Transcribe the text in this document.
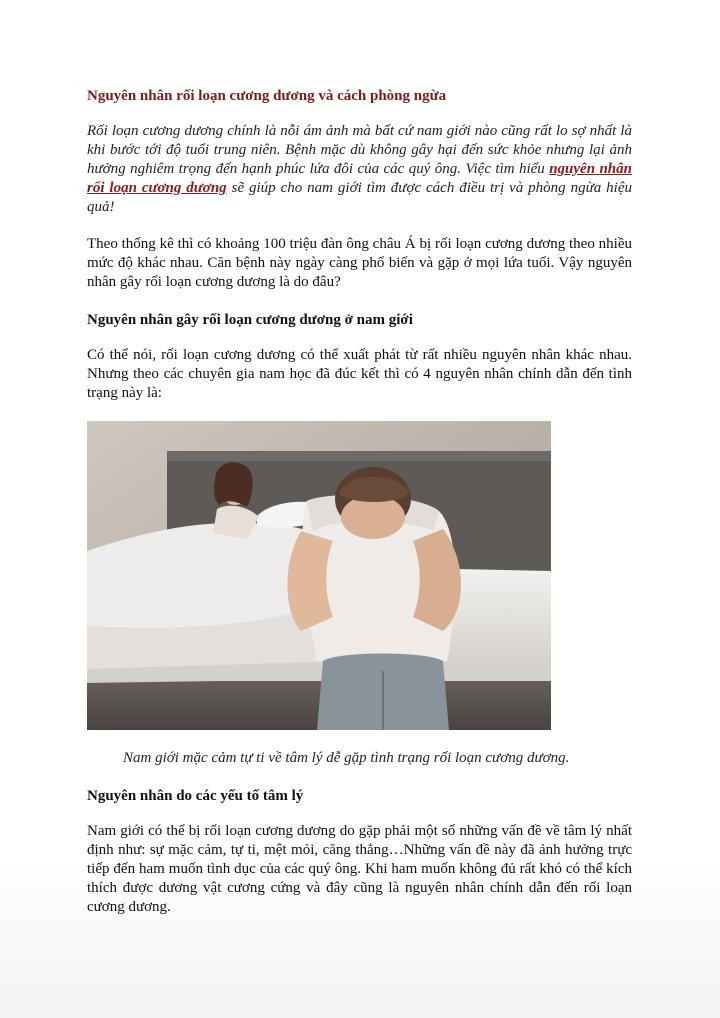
Nguyên nhân rối loạn cương dương và cách phòng ngừa

Rối loạn cương dương chính là nỗi ám ảnh mà bất cứ nam giới nào cũng rất lo sợ nhất là khi bước tới độ tuổi trung niên. Bệnh mặc dù không gây hại đến sức khỏe nhưng lại ảnh hưởng nghiêm trọng đến hạnh phúc lứa đôi của các quý ông. Việc tìm hiểu nguyên nhân rối loạn cương dương sẽ giúp cho nam giới tìm được cách điều trị và phòng ngừa hiệu quả!

Theo thống kê thì có khoảng 100 triệu đàn ông châu Á bị rối loạn cương dương theo nhiều mức độ khác nhau. Căn bệnh này ngày càng phổ biến và gặp ở mọi lứa tuổi. Vậy nguyên nhân gây rối loạn cương dương là do đâu?

Nguyên nhân gây rối loạn cương dương ở nam giới

Có thể nói, rối loạn cương dương có thể xuất phát từ rất nhiều nguyên nhân khác nhau. Nhưng theo các chuyên gia nam học đã đúc kết thì có 4 nguyên nhân chính dẫn đến tình trạng này là:

Nam giới mặc cảm tự ti về tâm lý dễ gặp tình trạng rối loạn cương dương.
Nguyên nhân do các yếu tố tâm lý

Nam giới có thể bị rối loạn cương dương do gặp phải một số những vấn đề về tâm lý nhất định như: sự mặc cảm, tự ti, mệt mỏi, căng thẳng…Những vấn đề này đã ảnh hưởng trực tiếp đến ham muốn tình dục của các quý ông. Khi ham muốn không đủ rất khó có thể kích thích được dương vật cương cứng và đây cũng là nguyên nhân chính dẫn đến rối loạn cương dương.
